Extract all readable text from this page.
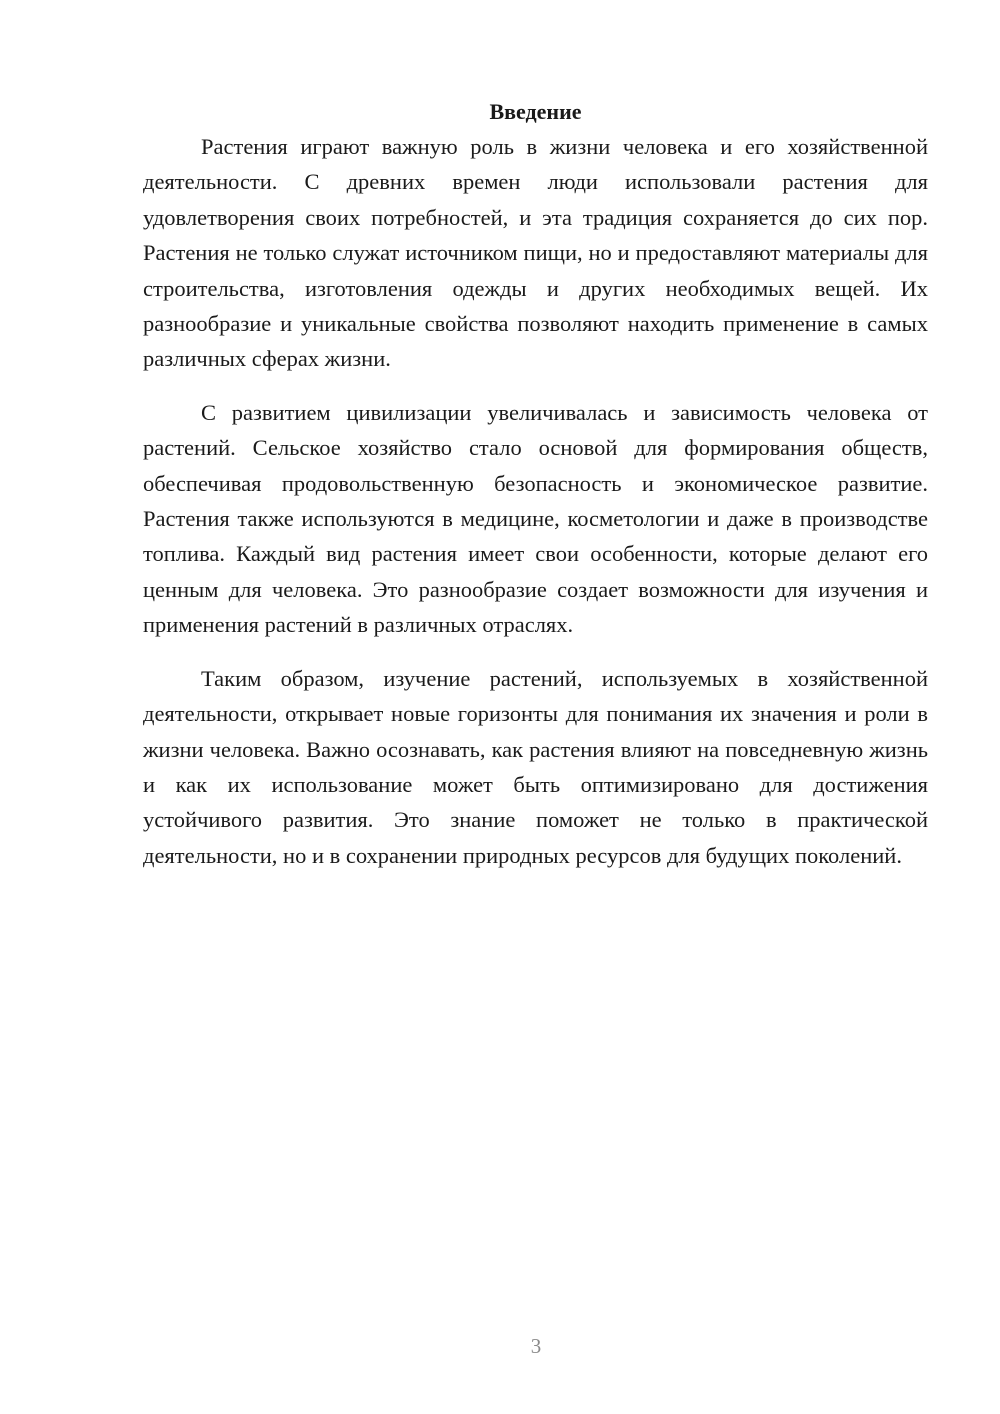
Введение

Растения играют важную роль в жизни человека и его хозяйственной деятельности. С древних времен люди использовали растения для удовлетворения своих потребностей, и эта традиция сохраняется до сих пор. Растения не только служат источником пищи, но и предоставляют материалы для строительства, изготовления одежды и других необходимых вещей. Их разнообразие и уникальные свойства позволяют находить применение в самых различных сферах жизни.

С развитием цивилизации увеличивалась и зависимость человека от растений. Сельское хозяйство стало основой для формирования обществ, обеспечивая продовольственную безопасность и экономическое развитие. Растения также используются в медицине, косметологии и даже в производстве топлива. Каждый вид растения имеет свои особенности, которые делают его ценным для человека. Это разнообразие создает возможности для изучения и применения растений в различных отраслях.

Таким образом, изучение растений, используемых в хозяйственной деятельности, открывает новые горизонты для понимания их значения и роли в жизни человека. Важно осознавать, как растения влияют на повседневную жизнь и как их использование может быть оптимизировано для достижения устойчивого развития. Это знание поможет не только в практической деятельности, но и в сохранении природных ресурсов для будущих поколений.

3
